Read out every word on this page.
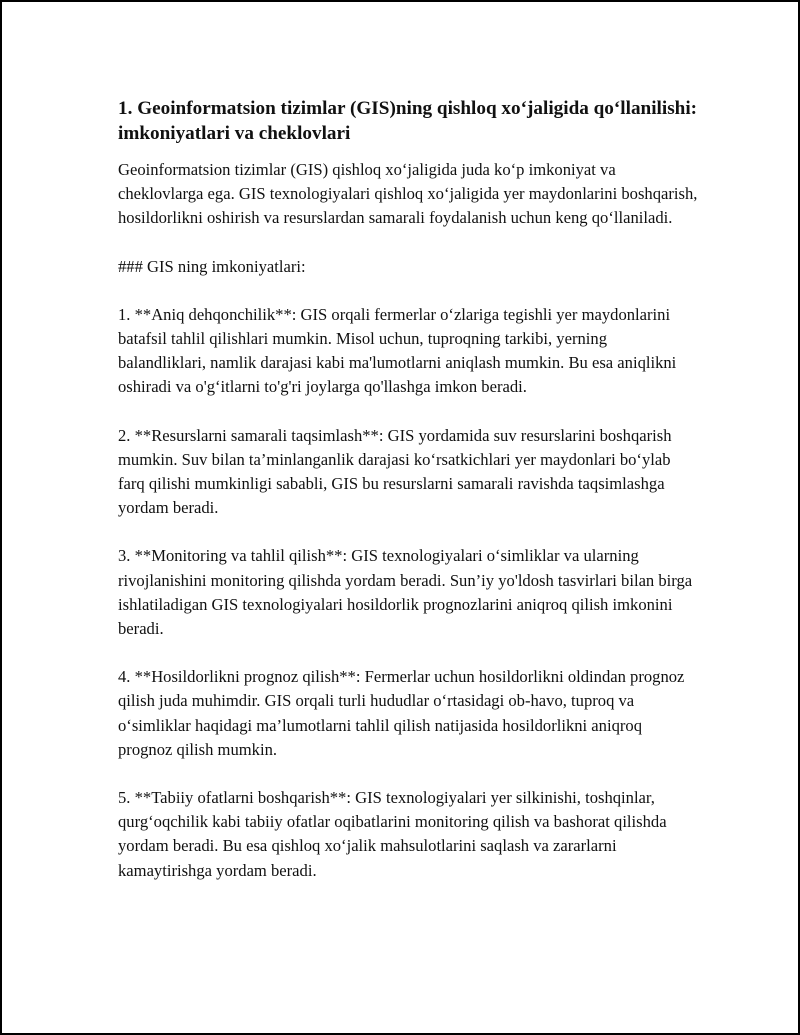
1. Geoinformatsion tizimlar (GIS)ning qishloq xo‘jaligida qo‘llanilishi: imkoniyatlari va cheklovlari

Geoinformatsion tizimlar (GIS) qishloq xo‘jaligida juda ko‘p imkoniyat va cheklovlarga ega. GIS texnologiyalari qishloq xo‘jaligida yer maydonlarini boshqarish, hosildorlikni oshirish va resurslardan samarali foydalanish uchun keng qo‘llaniladi.

### GIS ning imkoniyatlari:

1. **Aniq dehqonchilik**: GIS orqali fermerlar o‘zlariga tegishli yer maydonlarini batafsil tahlil qilishlari mumkin. Misol uchun, tuproqning tarkibi, yerning balandliklari, namlik darajasi kabi ma'lumotlarni aniqlash mumkin. Bu esa aniqlikni oshiradi va o'g‘itlarni to'g'ri joylarga qo'llashga imkon beradi.

2. **Resurslarni samarali taqsimlash**: GIS yordamida suv resurslarini boshqarish mumkin. Suv bilan ta’minlanganlik darajasi ko‘rsatkichlari yer maydonlari bo‘ylab farq qilishi mumkinligi sababli, GIS bu resurslarni samarali ravishda taqsimlashga yordam beradi.

3. **Monitoring va tahlil qilish**: GIS texnologiyalari o‘simliklar va ularning rivojlanishini monitoring qilishda yordam beradi. Sun’iy yo'ldosh tasvirlari bilan birga ishlatiladigan GIS texnologiyalari hosildorlik prognozlarini aniqroq qilish imkonini beradi.

4. **Hosildorlikni prognoz qilish**: Fermerlar uchun hosildorlikni oldindan prognoz qilish juda muhimdir. GIS orqali turli hududlar o‘rtasidagi ob-havo, tuproq va o‘simliklar haqidagi ma’lumotlarni tahlil qilish natijasida hosildorlikni aniqroq prognoz qilish mumkin.

5. **Tabiiy ofatlarni boshqarish**: GIS texnologiyalari yer silkinishi, toshqinlar, qurg‘oqchilik kabi tabiiy ofatlar oqibatlarini monitoring qilish va bashorat qilishda yordam beradi. Bu esa qishloq xo‘jalik mahsulotlarini saqlash va zararlarni kamaytirishga yordam beradi.
